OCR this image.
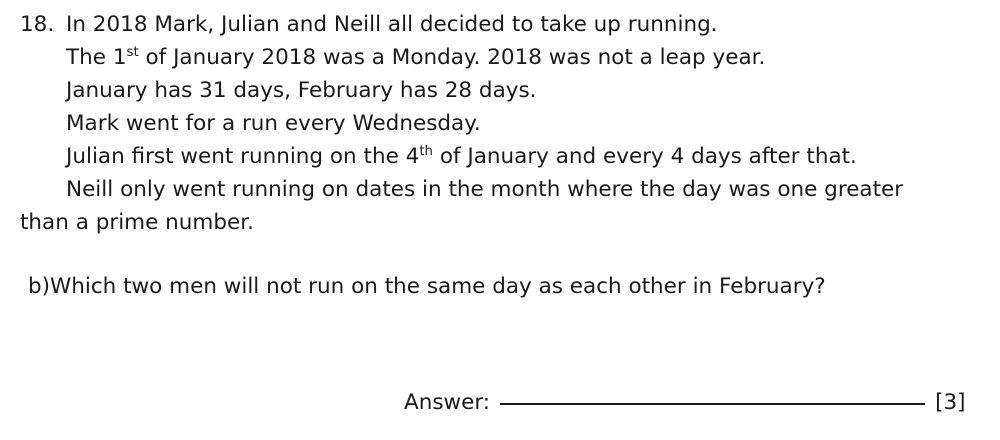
18. In 2018 Mark, Julian and Neill all decided to take up running.
The 1st of January 2018 was a Monday. 2018 was not a leap year.
January has 31 days, February has 28 days.
Mark went for a run every Wednesday.
Julian first went running on the 4th of January and every 4 days after that.
Neill only went running on dates in the month where the day was one greater
than a prime number.
b) Which two men will not run on the same day as each other in February?
Answer:	[3]
